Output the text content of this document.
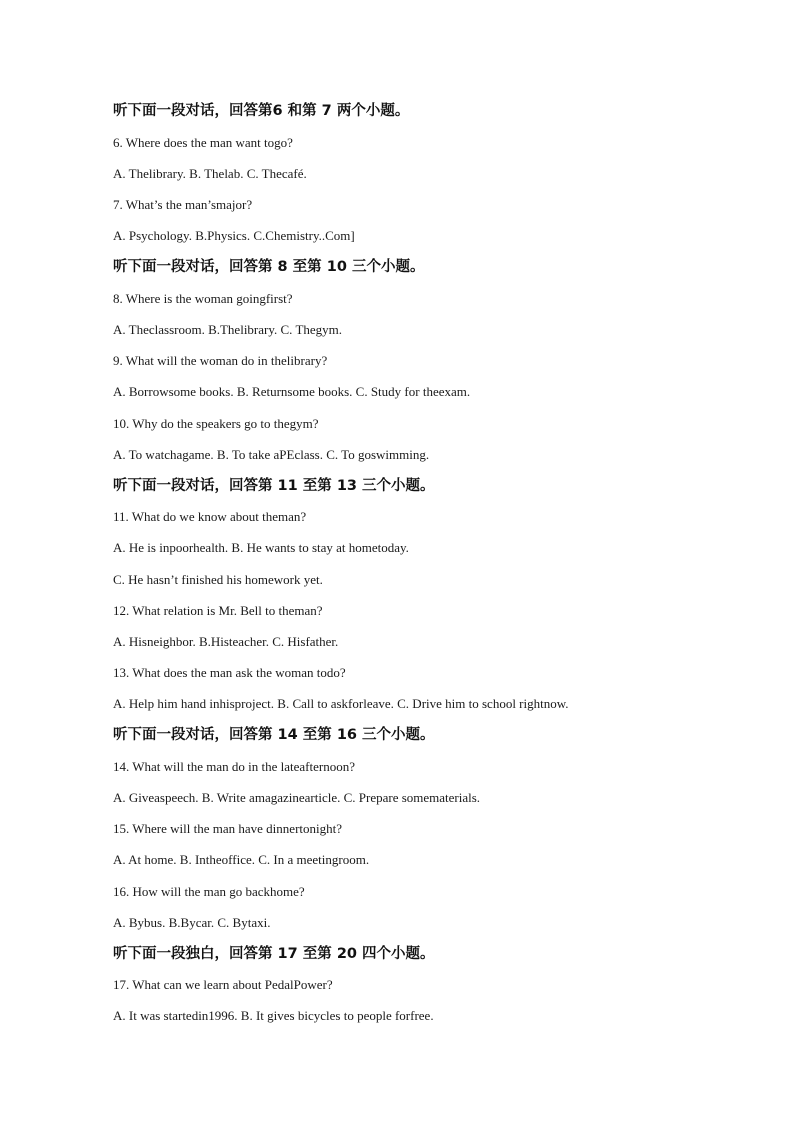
听下面一段对话，回答第6 和第 7 两个小题。
6. Where does the man want togo?
A. Thelibrary. B. Thelab. C. Thecafé.
7. What’s the man’smajor?
A. Psychology. B.Physics. C.Chemistry..Com]
听下面一段对话，回答第 8 至第 10 三个小题。
8. Where is the woman goingfirst?
A. Theclassroom. B.Thelibrary. C. Thegym.
9. What will the woman do in thelibrary?
A. Borrowsome books. B. Returnsome books. C. Study for theexam.
10. Why do the speakers go to thegym?
A. To watchagame. B. To take aPEclass. C. To goswimming.
听下面一段对话，回答第 11 至第 13 三个小题。
11. What do we know about theman?
A. He is inpoorhealth. B. He wants to stay at hometoday.
C. He hasn’t finished his homework yet.
12. What relation is Mr. Bell to theman?
A. Hisneighbor. B.Histeacher. C. Hisfather.
13. What does the man ask the woman todo?
A. Help him hand inhisproject. B. Call to askforleave. C. Drive him to school rightnow.
听下面一段对话，回答第 14 至第 16 三个小题。
14. What will the man do in the lateafternoon?
A. Giveaspeech. B. Write amagazinearticle. C. Prepare somematerials.
15. Where will the man have dinnertonight?
A. At home. B. Intheoffice. C. In a meetingroom.
16. How will the man go backhome?
A. Bybus. B.Bycar. C. Bytaxi.
听下面一段独白，回答第 17 至第 20 四个小题。
17. What can we learn about PedalPower?
A. It was startedin1996. B. It gives bicycles to people forfree.
